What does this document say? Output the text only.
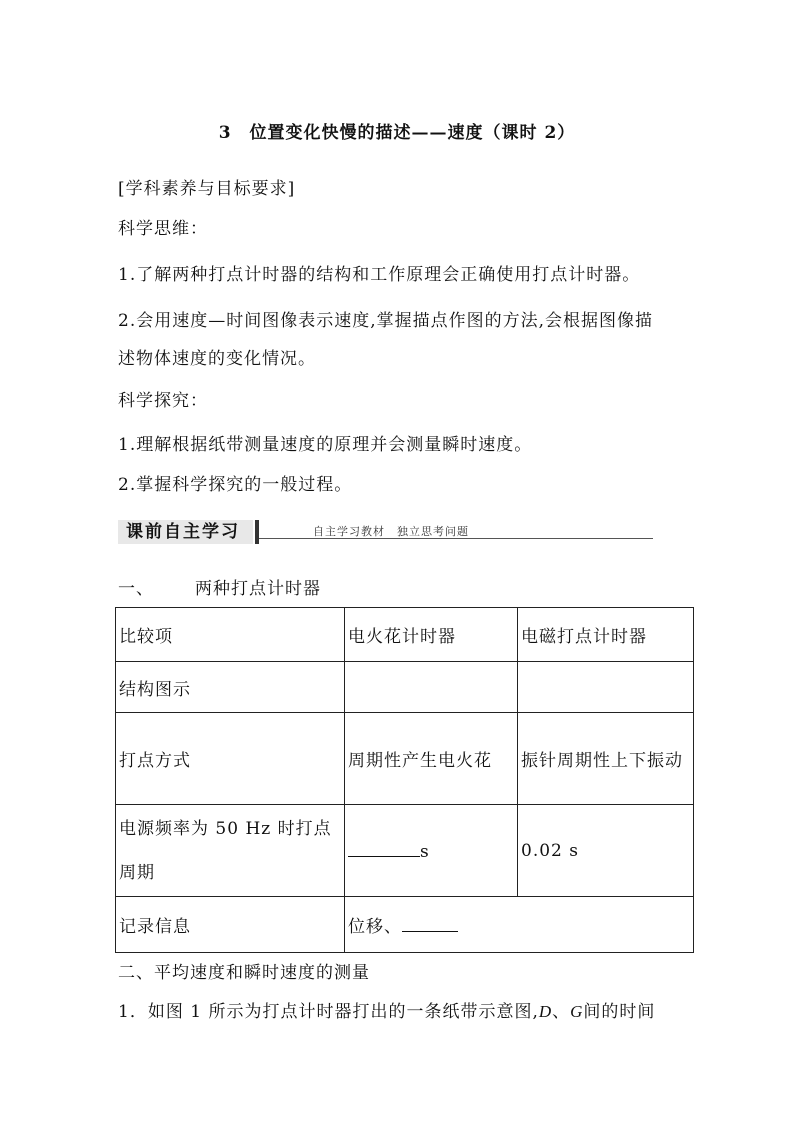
3　位置变化快慢的描述——速度（课时 2）
[学科素养与目标要求]
科学思维：
1.了解两种打点计时器的结构和工作原理会正确使用打点计时器。
2.会用速度—时间图像表示速度,掌握描点作图的方法,会根据图像描
述物体速度的变化情况。
科学探究：
1.理解根据纸带测量速度的原理并会测量瞬时速度。
2.掌握科学探究的一般过程。
课前自主学习	自主学习教材　独立思考问题
一、 两种打点计时器
比较项	电火花计时器	电磁打点计时器
结构图示		
打点方式	周期性产生电火花	振针周期性上下振动
电源频率为 50 Hz 时打点周期	s	0.02 s
记录信息	位移、	
二、平均速度和瞬时速度的测量
1．如图 1 所示为打点计时器打出的一条纸带示意图,D、G间的时间
